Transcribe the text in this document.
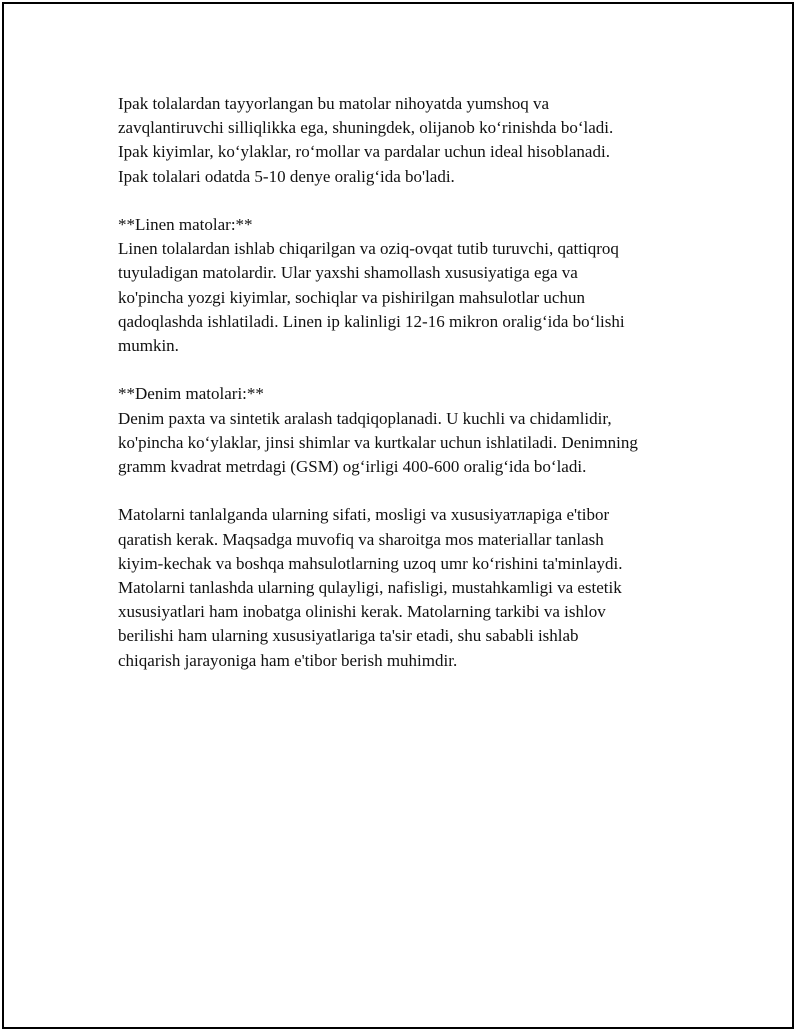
Ipak tolalardan tayyorlangan bu matolar nihoyatda yumshoq va
zavqlantiruvchi silliqlikka ega, shuningdek, olijanob ko‘rinishda bo‘ladi.
Ipak kiyimlar, ko‘ylaklar, ro‘mollar va pardalar uchun ideal hisoblanadi.
Ipak tolalari odatda 5-10 denye oralig‘ida bo'ladi.

**Linen matolar:**
Linen tolalardan ishlab chiqarilgan va oziq-ovqat tutib turuvchi, qattiqroq
tuyuladigan matolardir. Ular yaxshi shamollash xususiyatiga ega va
ko'pincha yozgi kiyimlar, sochiqlar va pishirilgan mahsulotlar uchun
qadoqlashda ishlatiladi. Linen ip kalinligi 12-16 mikron oralig‘ida bo‘lishi
mumkin.

**Denim matolari:**
Denim paxta va sintetik aralash tadqiqoplanadi. U kuchli va chidamlidir,
ko'pincha ko‘ylaklar, jinsi shimlar va kurtkalar uchun ishlatiladi. Denimning
gramm kvadrat metrdagi (GSM) og‘irligi 400-600 oralig‘ida bo‘ladi.

Matolarni tanlalganda ularning sifati, mosligi va xususiyатларiga e'tibor
qaratish kerak. Maqsadga muvofiq va sharoitga mos materiallar tanlash
kiyim-kechak va boshqa mahsulotlarning uzoq umr ko‘rishini ta'minlaydi.
Matolarni tanlashda ularning qulayligi, nafisligi, mustahkamligi va estetik
xususiyatlari ham inobatga olinishi kerak. Matolarning tarkibi va ishlov
berilishi ham ularning xususiyatlariga ta'sir etadi, shu sababli ishlab
chiqarish jarayoniga ham e'tibor berish muhimdir.
